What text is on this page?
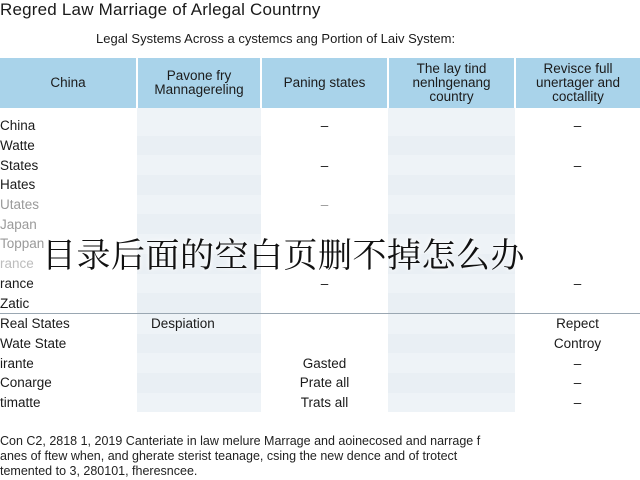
Regred Law Marriage of Arlegal Countrny
Legal Systems Across a cystemcs ang Portion of Laiv System:
China	Pavone fry Mannagereling	Paning states	The lay tind nenlngenang country	Revisce full unertager and coctallity

China		–		–
Watte				
States		–		–
Hates				
Utates		–		
Japan				
Toppan				
rance				
rance		–		–
Zatic				
Real States	Despiation			Repect
Wate State				Controy
irante		Gasted		–
Conarge		Prate all		–
timatte		Trats all		–
Con C2, 2818 1, 2019 Canteriate in law melure Marrage and aoinecosed and narrage f
anes of ftew when, and gherate sterist teanage, csing the new dence and of trotect
temented to 3, 280101, fheresncee.
目录后面的空白页删不掉怎么办
